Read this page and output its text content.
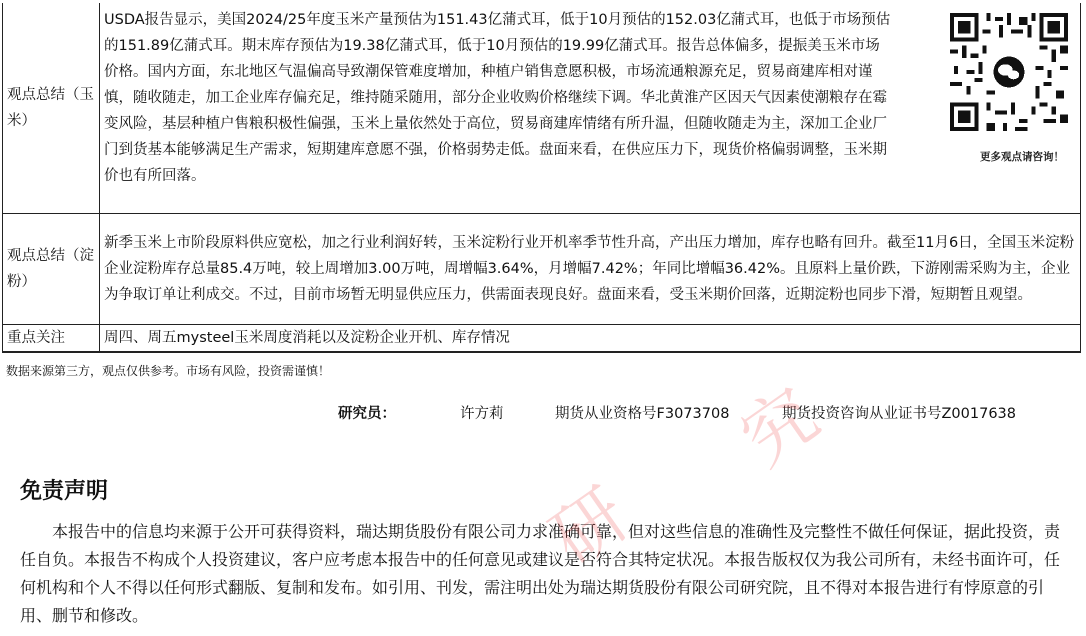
观点总结（玉米）	USDA报告显示，美国2024/25年度玉米产量预估为151.43亿蒲式耳，低于10月预估的152.03亿蒲式耳，也低于市场预估的151.89亿蒲式耳。期末库存预估为19.38亿蒲式耳，低于10月预估的19.99亿蒲式耳。报告总体偏多，提振美玉米市场价格。国内方面，东北地区气温偏高导致潮保管难度增加，种植户销售意愿积极，市场流通粮源充足，贸易商建库相对谨慎，随收随走，加工企业库存偏充足，维持随采随用，部分企业收购价格继续下调。华北黄淮产区因天气因素使潮粮存在霉变风险，基层种植户售粮积极性偏强，玉米上量依然处于高位，贸易商建库情绪有所升温，但随收随走为主，深加工企业厂门到货基本能够满足生产需求，短期建库意愿不强，价格弱势走低。盘面来看，在供应压力下，现货价格偏弱调整，玉米期价也有所回落。
更多观点请咨询！

观点总结（淀粉）	新季玉米上市阶段原料供应宽松，加之行业利润好转，玉米淀粉行业开机率季节性升高，产出压力增加，库存也略有回升。截至11月6日，全国玉米淀粉企业淀粉库存总量85.4万吨，较上周增加3.00万吨，周增幅3.64%，月增幅7.42%；年同比增幅36.42%。且原料上量价跌，下游刚需采购为主，企业为争取订单让利成交。不过，目前市场暂无明显供应压力，供需面表现良好。盘面来看，受玉米期价回落，近期淀粉也同步下滑，短期暂且观望。
重点关注	周四、周五mysteel玉米周度消耗以及淀粉企业开机、库存情况
数据来源第三方，观点仅供参考。市场有风险，投资需谨慎！
研究员：	许方莉	期货从业资格号F3073708	期货投资咨询从业证书号Z0017638
免责声明
本报告中的信息均来源于公开可获得资料，瑞达期货股份有限公司力求准确可靠，但对这些信息的准确性及完整性不做任何保证，据此投资，责任自负。本报告不构成个人投资建议，客户应考虑本报告中的任何意见或建议是否符合其特定状况。本报告版权仅为我公司所有，未经书面许可，任何机构和个人不得以任何形式翻版、复制和发布。如引用、刊发，需注明出处为瑞达期货股份有限公司研究院，且不得对本报告进行有悖原意的引用、删节和修改。
研
究
